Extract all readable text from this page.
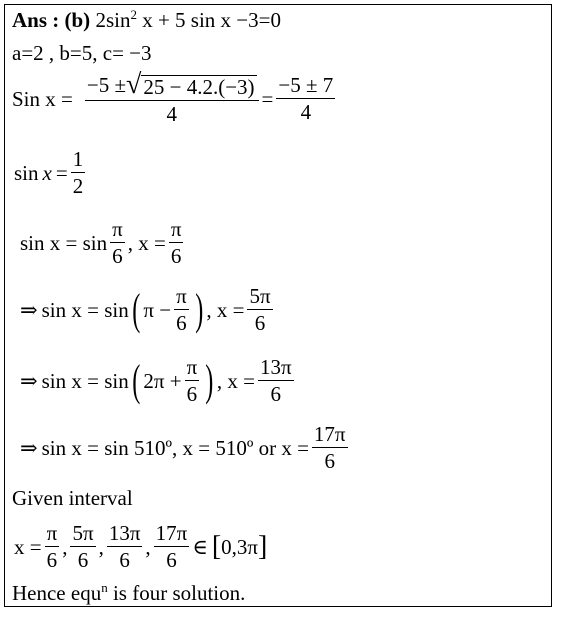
Ans : (b) $2\sin^2$ x + 5 sin x −3=0
a=2 , b=5, c= −3
Sin $x = \frac{-5 \pm √ 25 - 4.2.(-3)}{4} = \frac{-5 \pm 7}{4}$
$\sin x = \frac{1}{2}$
$\sin x = \sin \frac{\pi}{6}$ , $x = \frac{\pi}{6}$
⇒ sin x = sin ( $\pi - \frac{\pi}{6}$ ) , $x = \frac{5\pi}{6}$
⇒ sin x = sin ( $2\pi + \frac{\pi}{6}$ ) , $x = \frac{13\pi}{6}$
⇒ sin x = sin 510º, x = 510º or $x = \frac{17\pi}{6}$
Given interval
$x = \frac{\pi}{6}$ , $\frac{5\pi}{6}$ , $\frac{13\pi}{6}$ , $\frac{17\pi}{6}$ ∈ [ 0,3π ]
Hence equ$^n$ is four solution.
